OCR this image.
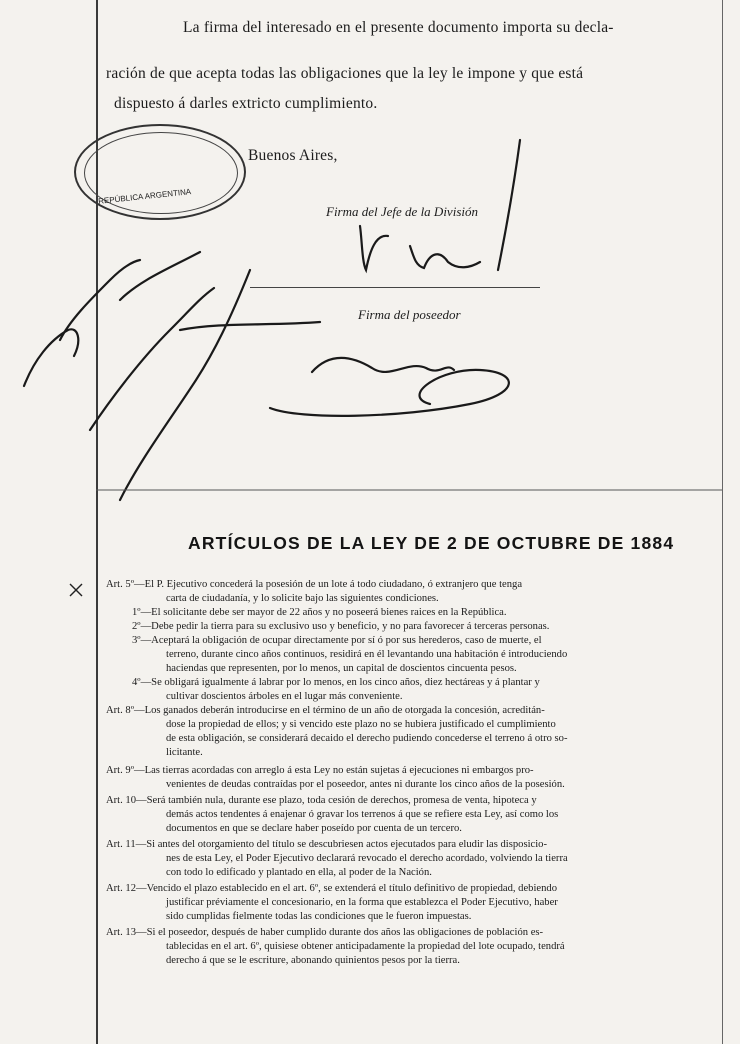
La firma del interesado en el presente documento importa su decla-
ración de que acepta todas las obligaciones que la ley le impone y que está
dispuesto á darles extricto cumplimiento.
Buenos Aires,
REPÚBLICA ARGENTINA
Firma del Jefe de la División
Firma del poseedor
ARTÍCULOS DE LA LEY DE 2 DE OCTUBRE DE 1884
Art. 5º—El P. Ejecutivo concederá la posesión de un lote á todo ciudadano, ó extranjero que tenga
carta de ciudadanía, y lo solicite bajo las siguientes condiciones.
1º—El solicitante debe ser mayor de 22 años y no poseerá bienes raices en la República.
2º—Debe pedir la tierra para su exclusivo uso y beneficio, y no para favorecer á terceras personas.
3º—Aceptará la obligación de ocupar directamente por sí ó por sus herederos, caso de muerte, el
terreno, durante cinco años continuos, residirá en él levantando una habitación é introduciendo
haciendas que representen, por lo menos, un capital de doscientos cincuenta pesos.
4º—Se obligará igualmente á labrar por lo menos, en los cinco años, diez hectáreas y á plantar y
cultivar doscientos árboles en el lugar más conveniente.
Art. 8º—Los ganados deberán introducirse en el término de un año de otorgada la concesión, acreditán-
dose la propiedad de ellos; y si vencido este plazo no se hubiera justificado el cumplimiento
de esta obligación, se considerará decaido el derecho pudiendo concederse el terreno á otro so-
licitante.
Art. 9º—Las tierras acordadas con arreglo á esta Ley no están sujetas á ejecuciones ni embargos pro-
venientes de deudas contraídas por el poseedor, antes ni durante los cinco años de la posesión.
Art. 10—Será también nula, durante ese plazo, toda cesión de derechos, promesa de venta, hipoteca y
demás actos tendentes á enajenar ó gravar los terrenos á que se refiere esta Ley, así como los
documentos en que se declare haber poseído por cuenta de un tercero.
Art. 11—Si antes del otorgamiento del título se descubriesen actos ejecutados para eludir las disposicio-
nes de esta Ley, el Poder Ejecutivo declarará revocado el derecho acordado, volviendo la tierra
con todo lo edificado y plantado en ella, al poder de la Nación.
Art. 12—Vencido el plazo establecido en el art. 6º, se extenderá el título definitivo de propiedad, debiendo
justificar préviamente el concesionario, en la forma que establezca el Poder Ejecutivo, haber
sido cumplidas fielmente todas las condiciones que le fueron impuestas.
Art. 13—Si el poseedor, después de haber cumplido durante dos años las obligaciones de población es-
tablecidas en el art. 6º, quisiese obtener anticipadamente la propiedad del lote ocupado, tendrá
derecho á que se le escriture, abonando quinientos pesos por la tierra.
